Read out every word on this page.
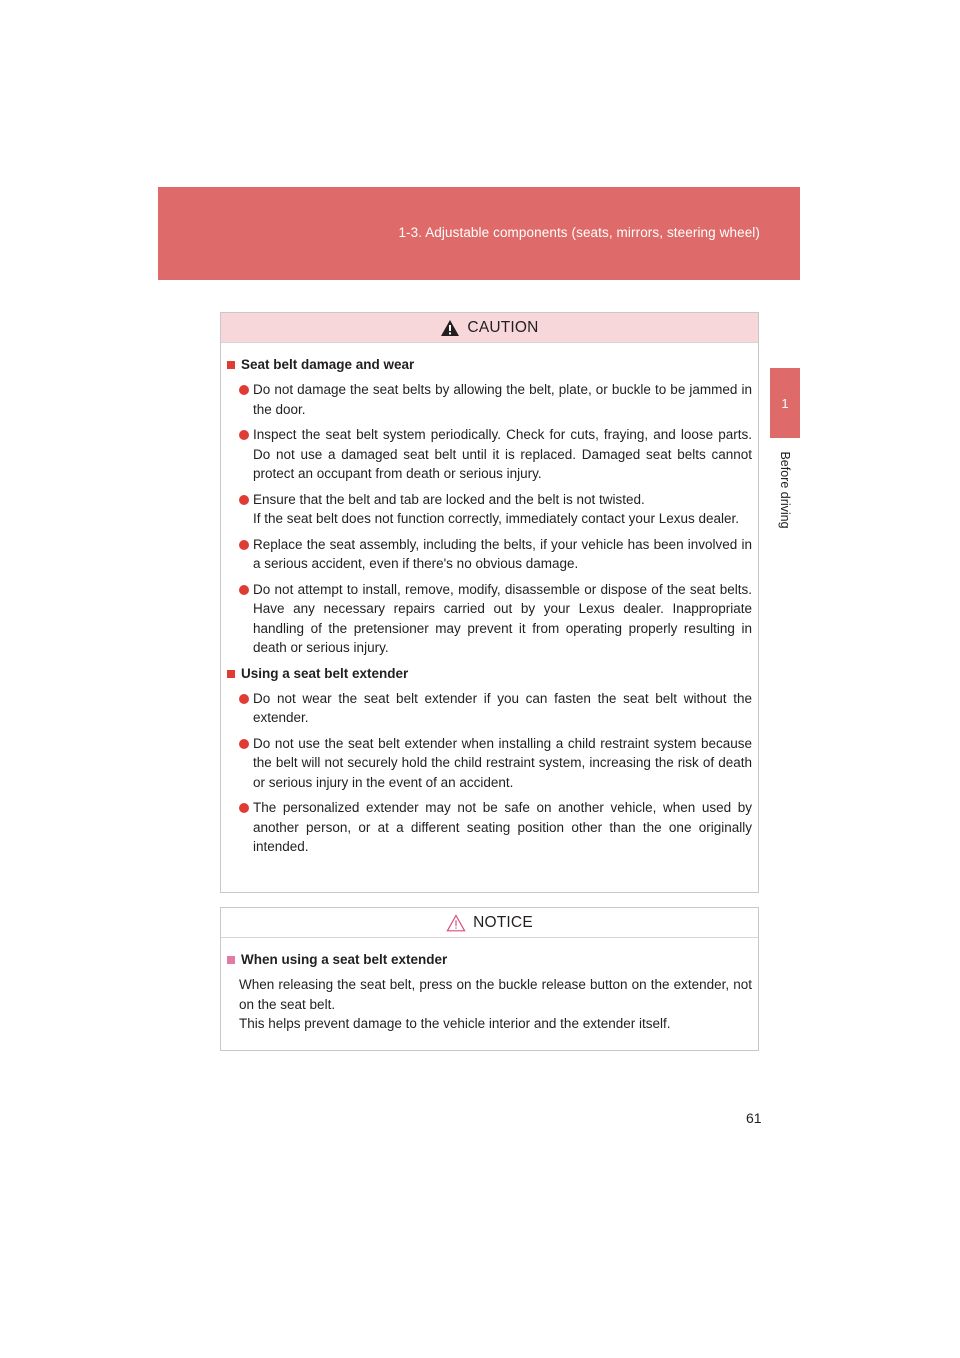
1-3. Adjustable components (seats, mirrors, steering wheel)
1
Before driving
CAUTION
Seat belt damage and wear
Do not damage the seat belts by allowing the belt, plate, or buckle to be jammed in the door.
Inspect the seat belt system periodically. Check for cuts, fraying, and loose parts. Do not use a damaged seat belt until it is replaced. Damaged seat belts cannot protect an occupant from death or serious injury.
Ensure that the belt and tab are locked and the belt is not twisted.
If the seat belt does not function correctly, immediately contact your Lexus dealer.
Replace the seat assembly, including the belts, if your vehicle has been involved in a serious accident, even if there's no obvious damage.
Do not attempt to install, remove, modify, disassemble or dispose of the seat belts. Have any necessary repairs carried out by your Lexus dealer. Inappropriate handling of the pretensioner may prevent it from operating properly resulting in death or serious injury.
Using a seat belt extender
Do not wear the seat belt extender if you can fasten the seat belt without the extender.
Do not use the seat belt extender when installing a child restraint system because the belt will not securely hold the child restraint system, increasing the risk of death or serious injury in the event of an accident.
The personalized extender may not be safe on another vehicle, when used by another person, or at a different seating position other than the one originally intended.
NOTICE
When using a seat belt extender

When releasing the seat belt, press on the buckle release button on the extender, not on the seat belt.

This helps prevent damage to the vehicle interior and the extender itself.

61
